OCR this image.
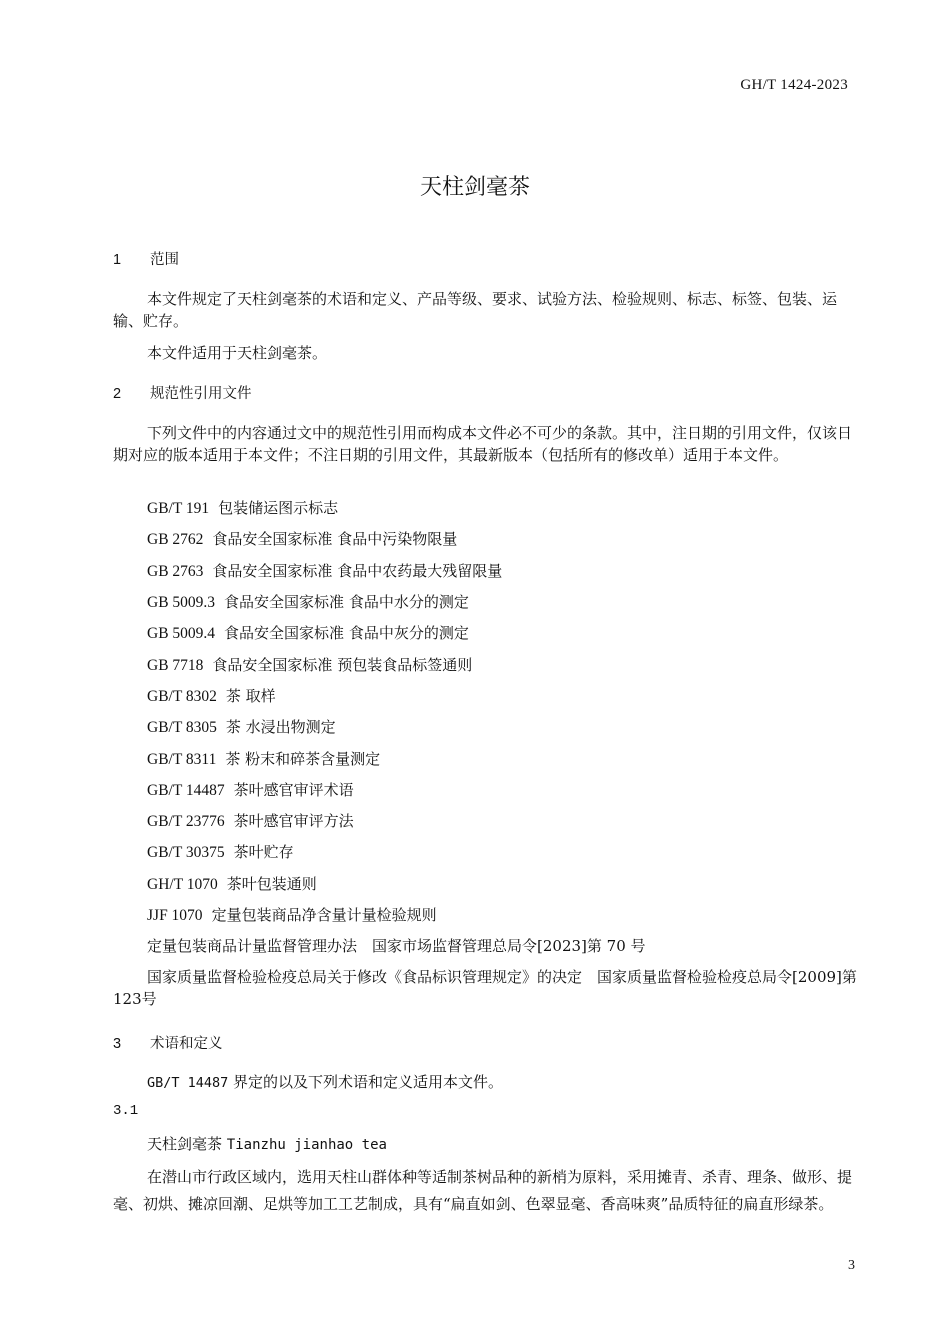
GH/T 1424-2023
天柱剑毫茶
1 范围
本文件规定了天柱剑毫茶的术语和定义、产品等级、要求、试验方法、检验规则、标志、标签、包装、运输、贮存。
本文件适用于天柱剑毫茶。
2 规范性引用文件
下列文件中的内容通过文中的规范性引用而构成本文件必不可少的条款。其中，注日期的引用文件，仅该日期对应的版本适用于本文件；不注日期的引用文件，其最新版本（包括所有的修改单）适用于本文件。
GB/T 191 包装储运图示标志
GB 2762 食品安全国家标准 食品中污染物限量
GB 2763 食品安全国家标准 食品中农药最大残留限量
GB 5009.3 食品安全国家标准 食品中水分的测定
GB 5009.4 食品安全国家标准 食品中灰分的测定
GB 7718 食品安全国家标准 预包装食品标签通则
GB/T 8302 茶 取样
GB/T 8305 茶 水浸出物测定
GB/T 8311 茶 粉末和碎茶含量测定
GB/T 14487 茶叶感官审评术语
GB/T 23776 茶叶感官审评方法
GB/T 30375 茶叶贮存
GH/T 1070 茶叶包装通则
JJF 1070 定量包装商品净含量计量检验规则
定量包装商品计量监督管理办法　国家市场监督管理总局令[2023]第 70 号
国家质量监督检验检疫总局关于修改《食品标识管理规定》的决定　国家质量监督检验检疫总局令[2009]第123号
3 术语和定义
GB/T 14487 界定的以及下列术语和定义适用本文件。
3.1
天柱剑毫茶 Tianzhu jianhao tea
在潜山市行政区域内，选用天柱山群体种等适制茶树品种的新梢为原料，采用摊青、杀青、理条、做形、提毫、初烘、摊凉回潮、足烘等加工工艺制成，具有“扁直如剑、色翠显毫、香高味爽”品质特征的扁直形绿茶。
3
